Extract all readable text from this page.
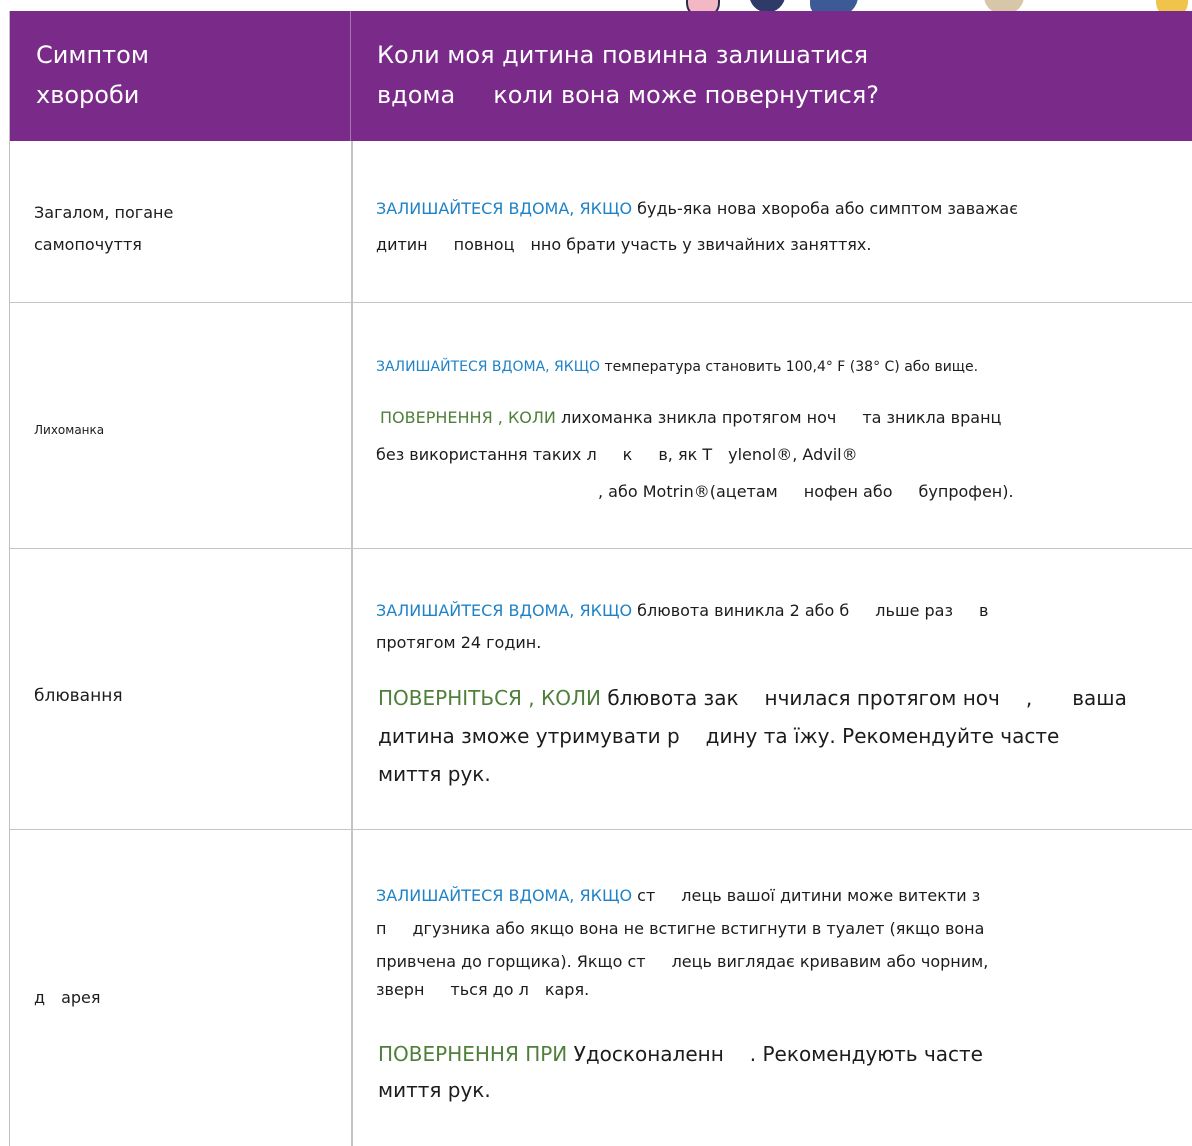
Симптом
хвороби
Коли моя дитина повинна залишатися
вдома коли вона може повернутися?
Загалом, погане
самопочуття

ЗАЛИШАЙТЕСЯ ВДОМА, ЯКЩО будь-яка нова хвороба або симптом заважає

дитин повноц нно брати участь у звичайних заняттях.

Лихоманка

ЗАЛИШАЙТЕСЯ ВДОМА, ЯКЩО температура становить 100,4° F (38° C) або вище.

ПОВЕРНЕННЯ , КОЛИ лихоманка зникла протягом ноч та зникла вранц

без використання таких л к в, як Т ylenol®, Advil®

, або Motrin®(ацетам нофен або бупрофен).

блювання

ЗАЛИШАЙТЕСЯ ВДОМА, ЯКЩО блювота виникла 2 або б льше раз в

протягом 24 годин.

ПОВЕРНІТЬСЯ , КОЛИ блювота зак нчилася протягом ноч , ваша

дитина зможе утримувати р дину та їжу. Рекомендуйте часте

миття рук.

д арея

ЗАЛИШАЙТЕСЯ ВДОМА, ЯКЩО ст лець вашої дитини може витекти з

п дгузника або якщо вона не встигне встигнути в туалет (якщо вона

привчена до горщика). Якщо ст лець виглядає кривавим або чорним,

зверн ться до л каря.

ПОВЕРНЕННЯ ПРИ Удосконаленн . Рекомендують часте

миття рук.
